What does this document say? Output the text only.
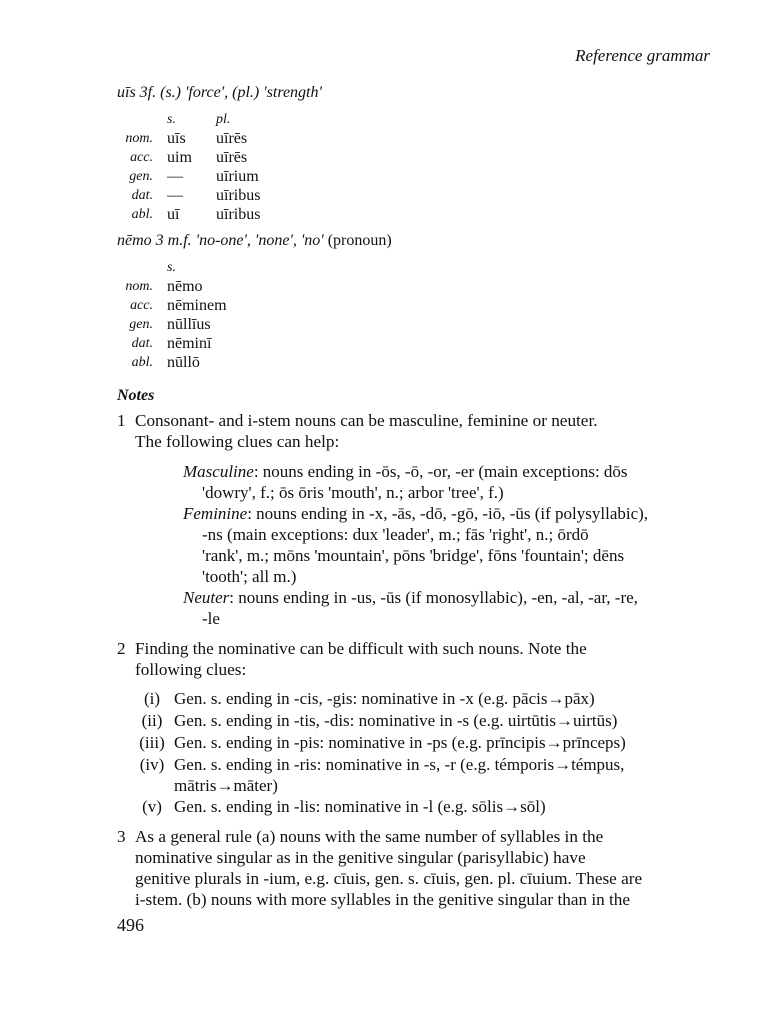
Reference grammar
uīs 3f. (s.) 'force', (pl.) 'strength'
s.	pl.
nom. uīs	uīrēs
acc. uim	uīrēs
gen. —	uīrium
dat. —	uīribus
abl. uī	uīribus
nēmo 3 m.f. 'no-one', 'none', 'no' (pronoun)
s.
nom. nēmo
acc. nēminem
gen. nūllīus
dat. nēminī
abl. nūllō
Notes
1 Consonant- and i-stem nouns can be masculine, feminine or neuter.
The following clues can help:
Masculine: nouns ending in -ōs, -ō, -or, -er (main exceptions: dōs
'dowry', f.; ōs ōris 'mouth', n.; arbor 'tree', f.)
Feminine: nouns ending in -x, -ās, -dō, -gō, -iō, -ūs (if polysyllabic),
-ns (main exceptions: dux 'leader', m.; fās 'right', n.; ōrdō
'rank', m.; mōns 'mountain', pōns 'bridge', fōns 'fountain'; dēns
'tooth'; all m.)
Neuter: nouns ending in -us, -ūs (if monosyllabic), -en, -al, -ar, -re,
-le
2 Finding the nominative can be difficult with such nouns. Note the
following clues:
(i) Gen. s. ending in -cis, -gis: nominative in -x (e.g. pācis→pāx)
(ii) Gen. s. ending in -tis, -dis: nominative in -s (e.g. uirtūtis→uirtūs)
(iii) Gen. s. ending in -pis: nominative in -ps (e.g. prīncipis→prīnceps)
(iv) Gen. s. ending in -ris: nominative in -s, -r (e.g. témporis→témpus,
mātris→māter)
(v) Gen. s. ending in -lis: nominative in -l (e.g. sōlis→sōl)
3 As a general rule (a) nouns with the same number of syllables in the
nominative singular as in the genitive singular (parisyllabic) have
genitive plurals in -ium, e.g. cīuis, gen. s. cīuis, gen. pl. cīuium. These are
i-stem. (b) nouns with more syllables in the genitive singular than in the
496
